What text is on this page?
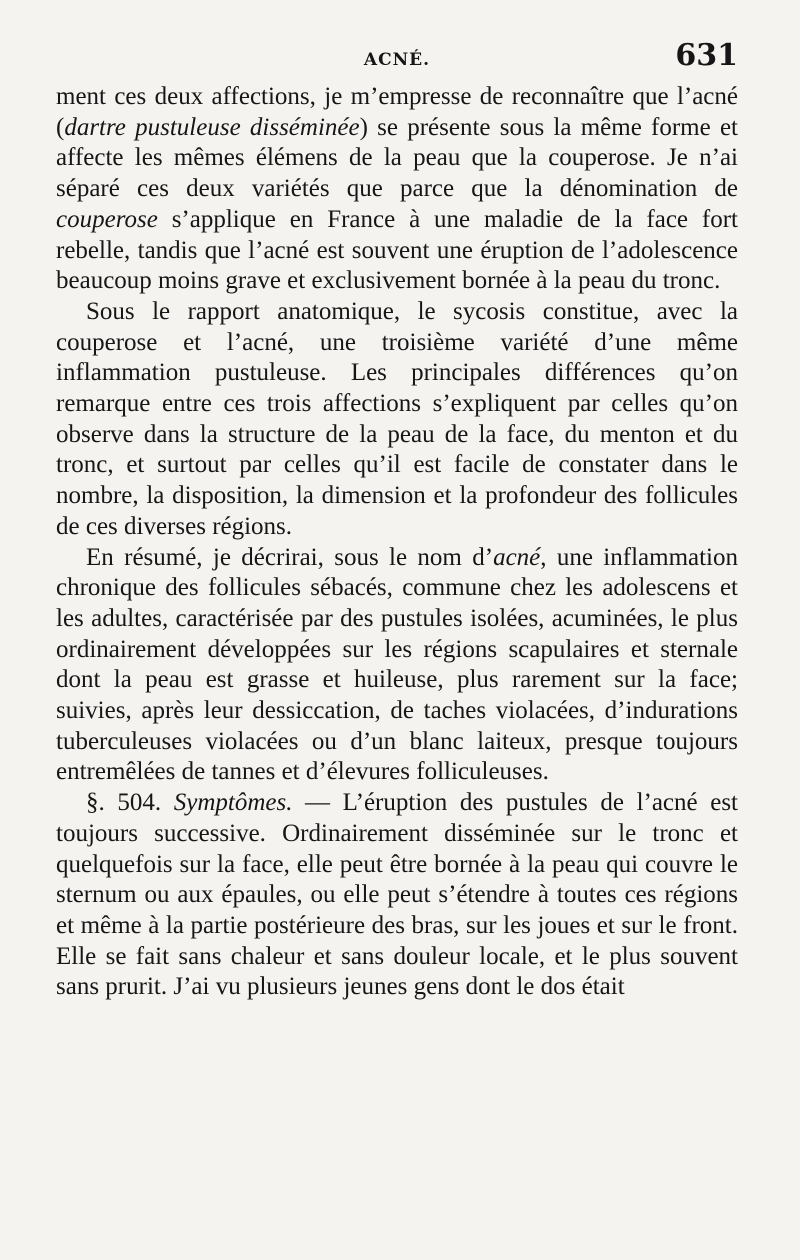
ACNÉ.	631

ment ces deux affections, je m’empresse de reconnaître que l’acné (dartre pustuleuse disséminée) se présente sous la même forme et affecte les mêmes élémens de la peau que la couperose. Je n’ai séparé ces deux variétés que parce que la dénomination de couperose s’applique en France à une maladie de la face fort rebelle, tandis que l’acné est souvent une éruption de l’adolescence beaucoup moins grave et exclusivement bornée à la peau du tronc.

Sous le rapport anatomique, le sycosis constitue, avec la couperose et l’acné, une troisième variété d’une même inflammation pustuleuse. Les principales différences qu’on remarque entre ces trois affections s’expliquent par celles qu’on observe dans la structure de la peau de la face, du menton et du tronc, et surtout par celles qu’il est facile de constater dans le nombre, la disposition, la dimension et la profondeur des follicules de ces diverses régions.

En résumé, je décrirai, sous le nom d’acné, une inflammation chronique des follicules sébacés, commune chez les adolescens et les adultes, caractérisée par des pustules isolées, acuminées, le plus ordinairement développées sur les régions scapulaires et sternale dont la peau est grasse et huileuse, plus rarement sur la face; suivies, après leur dessiccation, de taches violacées, d’indurations tuberculeuses violacées ou d’un blanc laiteux, presque toujours entremêlées de tannes et d’élevures folliculeuses.

§. 504. Symptômes. — L’éruption des pustules de l’acné est toujours successive. Ordinairement disséminée sur le tronc et quelquefois sur la face, elle peut être bornée à la peau qui couvre le sternum ou aux épaules, ou elle peut s’étendre à toutes ces régions et même à la partie postérieure des bras, sur les joues et sur le front. Elle se fait sans chaleur et sans douleur locale, et le plus souvent sans prurit. J’ai vu plusieurs jeunes gens dont le dos était
